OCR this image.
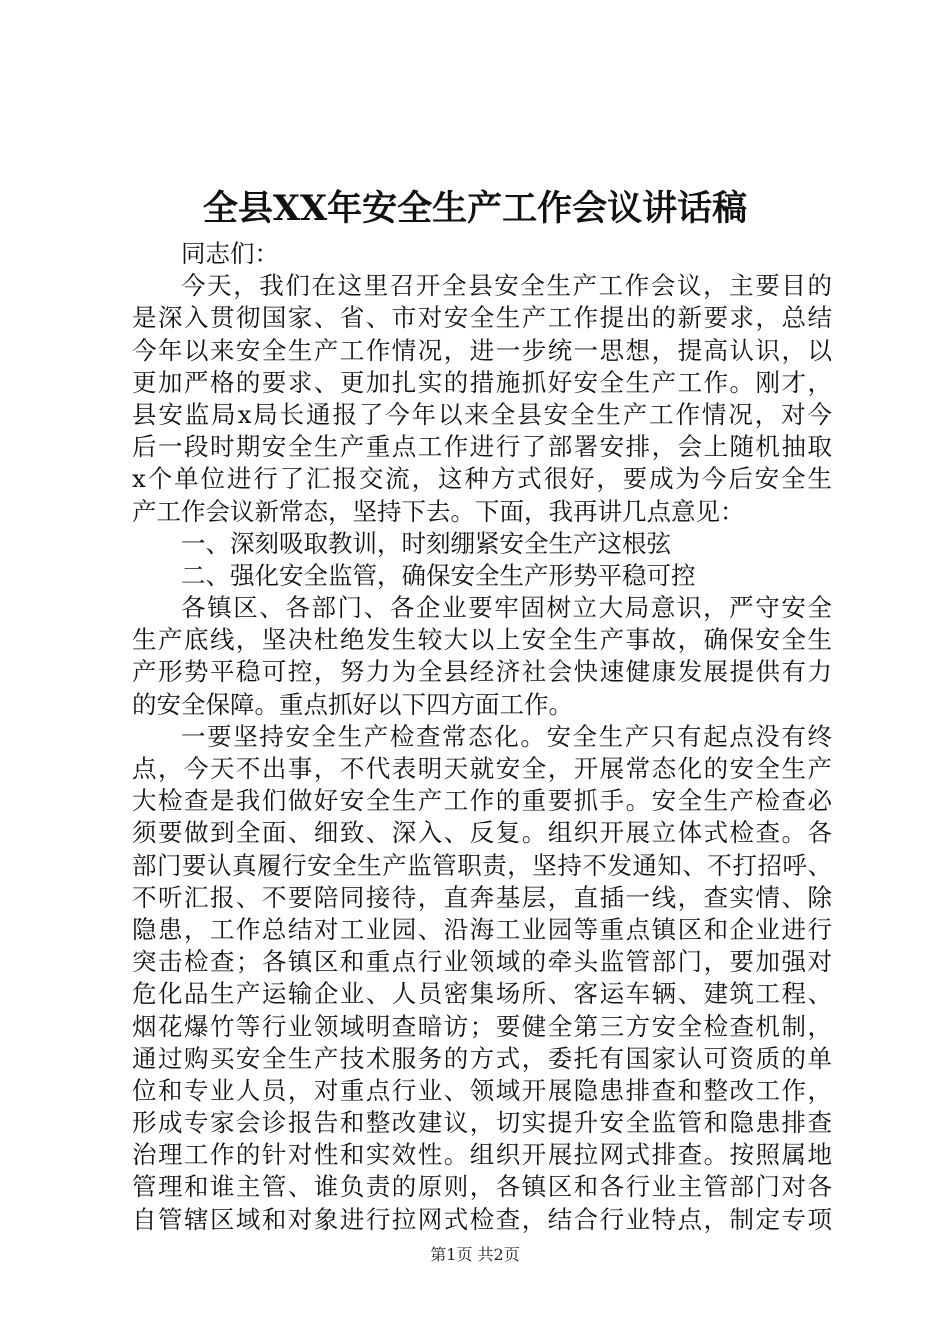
全县XX年安全生产工作会议讲话稿
同志们：
今天，我们在这里召开全县安全生产工作会议，主要目的
是深入贯彻国家、省、市对安全生产工作提出的新要求，总结
今年以来安全生产工作情况，进一步统一思想，提高认识，以
更加严格的要求、更加扎实的措施抓好安全生产工作。刚才，
县安监局x局长通报了今年以来全县安全生产工作情况，对今
后一段时期安全生产重点工作进行了部署安排，会上随机抽取
x个单位进行了汇报交流，这种方式很好，要成为今后安全生
产工作会议新常态，坚持下去。下面，我再讲几点意见：
一、深刻吸取教训，时刻绷紧安全生产这根弦
二、强化安全监管，确保安全生产形势平稳可控
各镇区、各部门、各企业要牢固树立大局意识，严守安全
生产底线，坚决杜绝发生较大以上安全生产事故，确保安全生
产形势平稳可控，努力为全县经济社会快速健康发展提供有力
的安全保障。重点抓好以下四方面工作。
一要坚持安全生产检查常态化。安全生产只有起点没有终
点，今天不出事，不代表明天就安全，开展常态化的安全生产
大检查是我们做好安全生产工作的重要抓手。安全生产检查必
须要做到全面、细致、深入、反复。组织开展立体式检查。各
部门要认真履行安全生产监管职责，坚持不发通知、不打招呼、
不听汇报、不要陪同接待，直奔基层，直插一线，查实情、除
隐患，工作总结对工业园、沿海工业园等重点镇区和企业进行
突击检查；各镇区和重点行业领域的牵头监管部门，要加强对
危化品生产运输企业、人员密集场所、客运车辆、建筑工程、
烟花爆竹等行业领域明查暗访；要健全第三方安全检查机制，
通过购买安全生产技术服务的方式，委托有国家认可资质的单
位和专业人员，对重点行业、领域开展隐患排查和整改工作，
形成专家会诊报告和整改建议，切实提升安全监管和隐患排查
治理工作的针对性和实效性。组织开展拉网式排查。按照属地
管理和谁主管、谁负责的原则，各镇区和各行业主管部门对各
自管辖区域和对象进行拉网式检查，结合行业特点，制定专项
第1页 共2页
